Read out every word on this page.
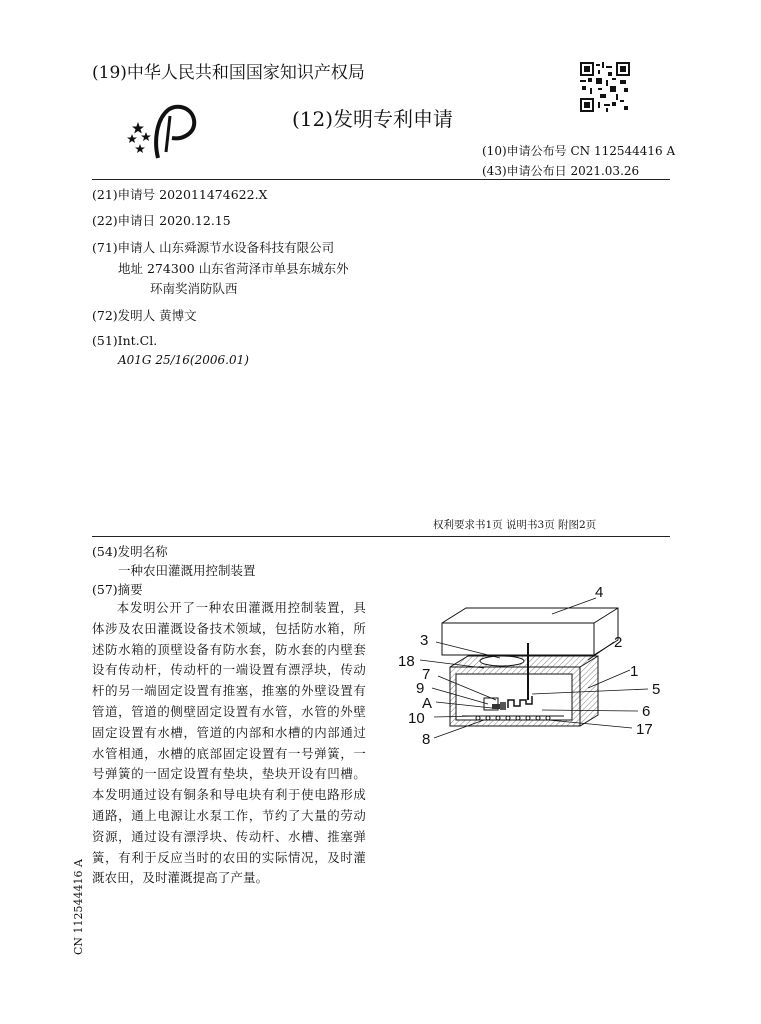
(19)中华人民共和国国家知识产权局
(12)发明专利申请
(10)申请公布号 CN 112544416 A
(43)申请公布日 2021.03.26
(21)申请号 202011474622.X
(22)申请日 2020.12.15
(71)申请人 山东舜源节水设备科技有限公司
地址 274300 山东省菏泽市单县东城东外
环南奖消防队西
(72)发明人 黄博文
(51)Int.Cl.
A01G 25/16(2006.01)
权利要求书1页 说明书3页 附图2页
(54)发明名称
一种农田灌溉用控制装置
(57)摘要
本发明公开了一种农田灌溉用控制装置，具体涉及农田灌溉设备技术领域，包括防水箱，所述防水箱的顶壁设备有防水套，防水套的内壁套设有传动杆，传动杆的一端设置有漂浮块，传动杆的另一端固定设置有推塞，推塞的外壁设置有管道，管道的侧壁固定设置有水管，水管的外壁固定设置有水槽，管道的内部和水槽的内部通过水管相通，水槽的底部固定设置有一号弹簧，一号弹簧的一固定设置有垫块，垫块开设有凹槽。本发明通过设有铜条和导电块有利于使电路形成通路，通上电源让水泵工作，节约了大量的劳动资源，通过设有漂浮块、传动杆、水槽、推塞弹簧，有利于反应当时的农田的实际情况，及时灌溉农田，及时灌溉提高了产量。
4
3	2
18
1
7
9	5
A	6
10
8
17
CN 112544416 A
